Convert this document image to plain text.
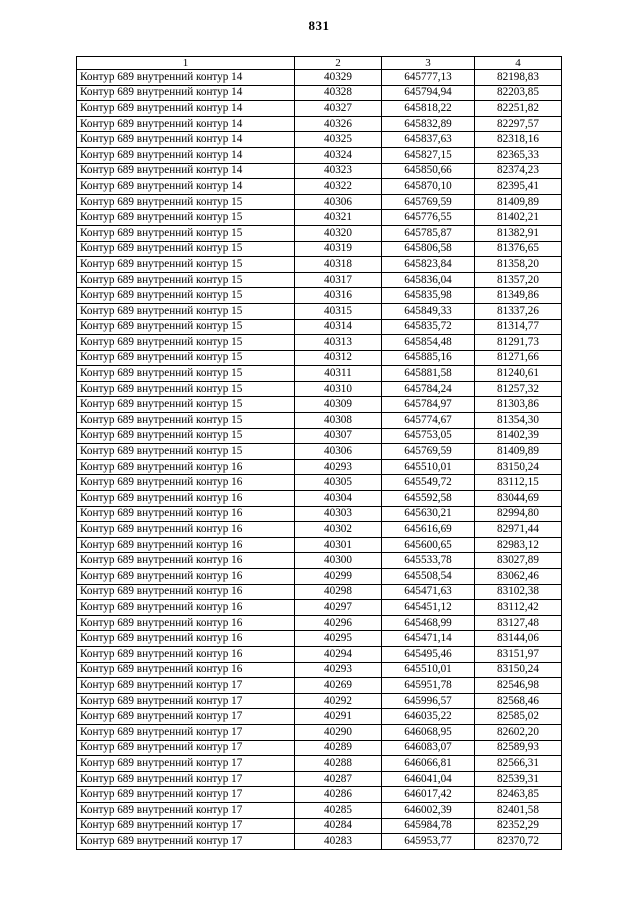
831
1	2	3	4
Контур 689 внутренний контур 14	40329	645777,13	82198,83
Контур 689 внутренний контур 14	40328	645794,94	82203,85
Контур 689 внутренний контур 14	40327	645818,22	82251,82
Контур 689 внутренний контур 14	40326	645832,89	82297,57
Контур 689 внутренний контур 14	40325	645837,63	82318,16
Контур 689 внутренний контур 14	40324	645827,15	82365,33
Контур 689 внутренний контур 14	40323	645850,66	82374,23
Контур 689 внутренний контур 14	40322	645870,10	82395,41
Контур 689 внутренний контур 15	40306	645769,59	81409,89
Контур 689 внутренний контур 15	40321	645776,55	81402,21
Контур 689 внутренний контур 15	40320	645785,87	81382,91
Контур 689 внутренний контур 15	40319	645806,58	81376,65
Контур 689 внутренний контур 15	40318	645823,84	81358,20
Контур 689 внутренний контур 15	40317	645836,04	81357,20
Контур 689 внутренний контур 15	40316	645835,98	81349,86
Контур 689 внутренний контур 15	40315	645849,33	81337,26
Контур 689 внутренний контур 15	40314	645835,72	81314,77
Контур 689 внутренний контур 15	40313	645854,48	81291,73
Контур 689 внутренний контур 15	40312	645885,16	81271,66
Контур 689 внутренний контур 15	40311	645881,58	81240,61
Контур 689 внутренний контур 15	40310	645784,24	81257,32
Контур 689 внутренний контур 15	40309	645784,97	81303,86
Контур 689 внутренний контур 15	40308	645774,67	81354,30
Контур 689 внутренний контур 15	40307	645753,05	81402,39
Контур 689 внутренний контур 15	40306	645769,59	81409,89
Контур 689 внутренний контур 16	40293	645510,01	83150,24
Контур 689 внутренний контур 16	40305	645549,72	83112,15
Контур 689 внутренний контур 16	40304	645592,58	83044,69
Контур 689 внутренний контур 16	40303	645630,21	82994,80
Контур 689 внутренний контур 16	40302	645616,69	82971,44
Контур 689 внутренний контур 16	40301	645600,65	82983,12
Контур 689 внутренний контур 16	40300	645533,78	83027,89
Контур 689 внутренний контур 16	40299	645508,54	83062,46
Контур 689 внутренний контур 16	40298	645471,63	83102,38
Контур 689 внутренний контур 16	40297	645451,12	83112,42
Контур 689 внутренний контур 16	40296	645468,99	83127,48
Контур 689 внутренний контур 16	40295	645471,14	83144,06
Контур 689 внутренний контур 16	40294	645495,46	83151,97
Контур 689 внутренний контур 16	40293	645510,01	83150,24
Контур 689 внутренний контур 17	40269	645951,78	82546,98
Контур 689 внутренний контур 17	40292	645996,57	82568,46
Контур 689 внутренний контур 17	40291	646035,22	82585,02
Контур 689 внутренний контур 17	40290	646068,95	82602,20
Контур 689 внутренний контур 17	40289	646083,07	82589,93
Контур 689 внутренний контур 17	40288	646066,81	82566,31
Контур 689 внутренний контур 17	40287	646041,04	82539,31
Контур 689 внутренний контур 17	40286	646017,42	82463,85
Контур 689 внутренний контур 17	40285	646002,39	82401,58
Контур 689 внутренний контур 17	40284	645984,78	82352,29
Контур 689 внутренний контур 17	40283	645953,77	82370,72
